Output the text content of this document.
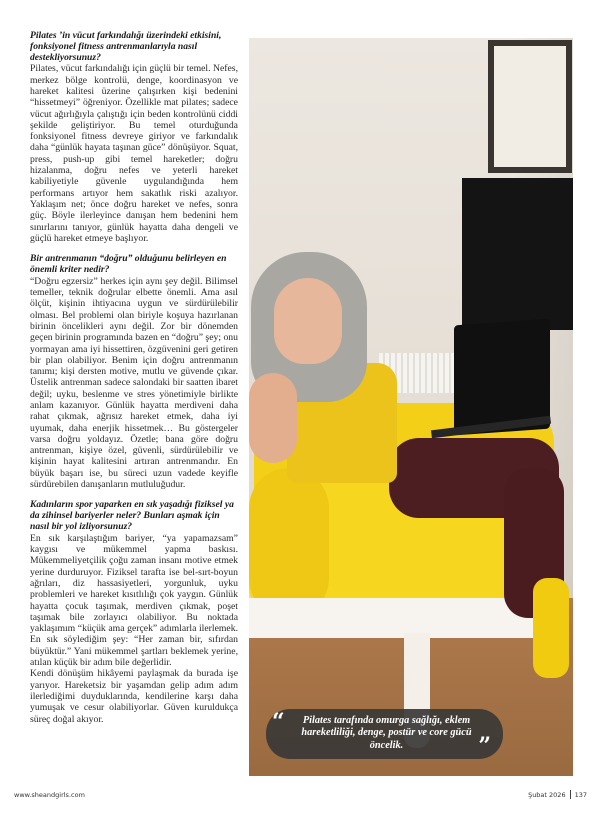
Pilates ’in vücut farkındalığı üzerindeki etkisini, fonksiyonel fitness antrenmanlarıyla nasıl destekliyorsunuz?

Pilates, vücut farkındalığı için güçlü bir temel. Nefes, merkez bölge kontrolü, denge, koordinasyon ve hareket kalitesi üzerine çalışırken kişi bedenini “hissetmeyi” öğreniyor. Özellikle mat pilates; sadece vücut ağırlığıyla çalıştığı için beden kontrolünü ciddi şekilde geliştiriyor. Bu temel oturduğunda fonksiyonel fitness devreye giriyor ve farkındalık daha “günlük hayata taşınan güce” dönüşüyor. Squat, press, push-up gibi temel hareketler; doğru hizalanma, doğru nefes ve yeterli hareket kabiliyetiyle güvenle uygulandığında hem performans artıyor hem sakatlık riski azalıyor. Yaklaşım net; önce doğru hareket ve nefes, sonra güç. Böyle ilerleyince danışan hem bedenini hem sınırlarını tanıyor, günlük hayatta daha dengeli ve güçlü hareket etmeye başlıyor.

Bir antrenmanın “doğru” olduğunu belirleyen en önemli kriter nedir?

“Doğru egzersiz” herkes için aynı şey değil. Bilimsel temeller, teknik doğrular elbette önemli. Ama asıl ölçüt, kişinin ihtiyacına uygun ve sürdürülebilir olması. Bel problemi olan biriyle koşuya hazırlanan birinin öncelikleri aynı değil. Zor bir dönemden geçen birinin programında bazen en “doğru” şey; onu yormayan ama iyi hissettiren, özgüvenini geri getiren bir plan olabiliyor. Benim için doğru antrenmanın tanımı; kişi dersten motive, mutlu ve güvende çıkar. Üstelik antrenman sadece salondaki bir saatten ibaret değil; uyku, beslenme ve stres yönetimiyle birlikte anlam kazanıyor. Günlük hayatta merdiveni daha rahat çıkmak, ağrısız hareket etmek, daha iyi uyumak, daha enerjik hissetmek… Bu göstergeler varsa doğru yoldayız. Özetle; bana göre doğru antrenman, kişiye özel, güvenli, sürdürülebilir ve kişinin hayat kalitesini artıran antrenmandır. En büyük başarı ise, bu süreci uzun vadede keyifle sürdürebilen danışanların mutluluğudur.

Kadınların spor yaparken en sık yaşadığı fiziksel ya da zihinsel bariyerler neler? Bunları aşmak için nasıl bir yol izliyorsunuz?

En sık karşılaştığım bariyer, “ya yapamazsam” kaygısı ve mükemmel yapma baskısı. Mükemmeliyetçilik çoğu zaman insanı motive etmek yerine durduruyor. Fiziksel tarafta ise bel-sırt-boyun ağrıları, diz hassasiyetleri, yorgunluk, uyku problemleri ve hareket kısıtlılığı çok yaygın. Günlük hayatta çocuk taşımak, merdiven çıkmak, poşet taşımak bile zorlayıcı olabiliyor. Bu noktada yaklaşımım “küçük ama gerçek” adımlarla ilerlemek. En sık söylediğim şey: “Her zaman bir, sıfırdan büyüktür.” Yani mükemmel şartları beklemek yerine, atılan küçük bir adım bile değerlidir.

Kendi dönüşüm hikâyemi paylaşmak da burada işe yarıyor. Hareketsiz bir yaşamdan gelip adım adım ilerlediğimi duyduklarında, kendilerine karşı daha yumuşak ve cesur olabiliyorlar. Güven kuruldukça süreç doğal akıyor.	“	Pilates tarafında omurga sağlığı, eklem hareketliliği, denge, postür ve core gücü öncelik.	”
www.sheandgirls.com	Şubat 2026 137
